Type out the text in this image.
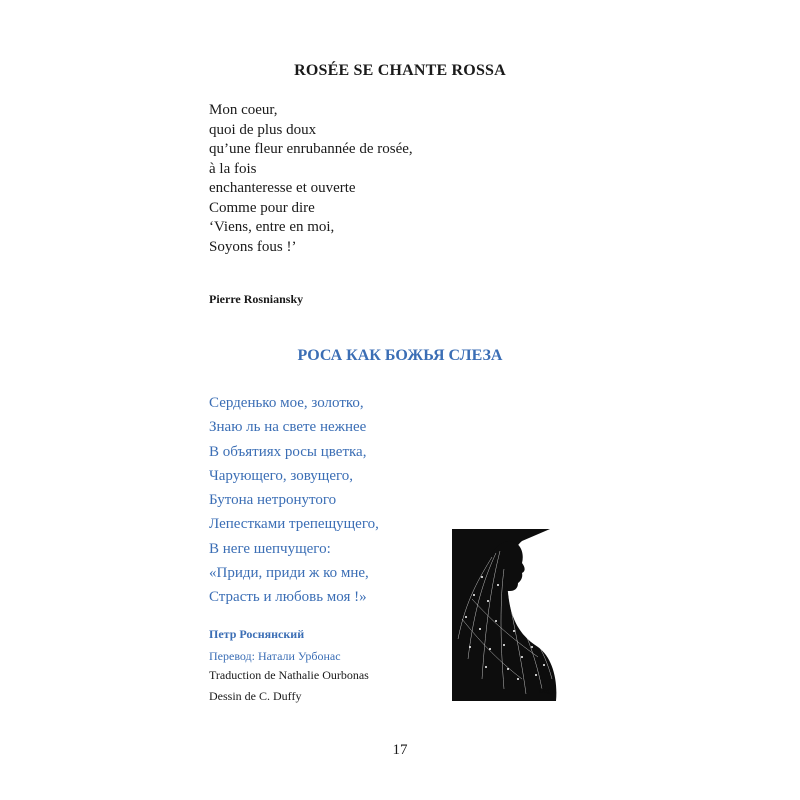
ROSÉE SE CHANTE ROSSA
Mon coeur,
quoi de plus doux
qu’une fleur enrubannée de rosée,
à la fois
enchanteresse et ouverte
Comme pour dire
‘Viens, entre en moi,
Soyons fous !’
Pierre Rosniansky
РОСА КАК БОЖЬЯ СЛЕЗА
Серденько мое, золотко,
Знаю ль на свете нежнее
В объятиях росы цветка,
Чарующего, зовущего,
Бутона нетронутого
Лепестками трепещущего,
В неге шепчущего:
«Приди, приди ж ко мне,
Страсть и любовь моя !»
Петр Роснянский
Перевод: Натали Урбонас
Traduction de Nathalie Ourbonas
Dessin de C. Duffy	Duffy
17
